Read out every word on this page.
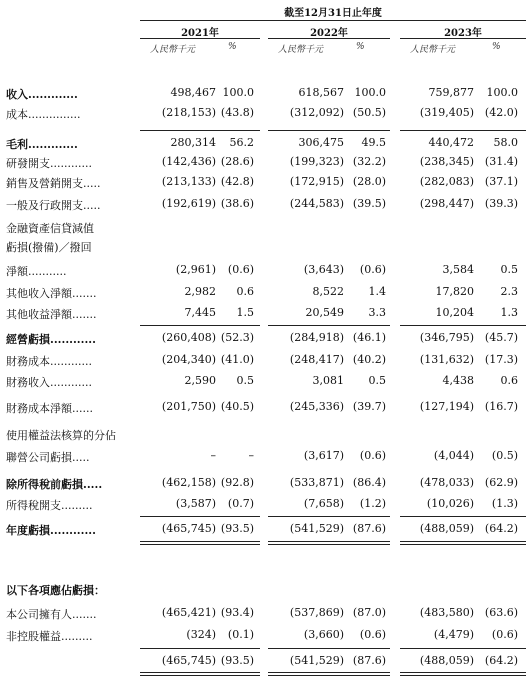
截至12月31日止年度
2021年	2022年	2023年
人民幣千元	%	人民幣千元	%	人民幣千元	%
收入.............	498,467 100.0	618,567 100.0	759,877	100.0
成本...............	(218,153) (43.8)	(312,092) (50.5)	(319,405) (42.0)
毛利.............	280,314	56.2	306,475	49.5	440,472	58.0
研發開支............	(142,436) (28.6)	(199,323) (32.2)	(238,345) (31.4)
銷售及營銷開支.....	(213,133) (42.8)	(172,915) (28.0)	(282,083) (37.1)
一般及行政開支.....	(192,619) (38.6)	(244,583) (39.5)	(298,447) (39.3)
金融資產信貸減值
虧損(撥備)／撥回
淨額...........	(2,961)	(0.6)	(3,643)	(0.6)	3,584	0.5
其他收入淨額.......	2,982	0.6	8,522	1.4	17,820	2.3
其他收益淨額.......	7,445	1.5	20,549	3.3	10,204	1.3
經營虧損............	(260,408) (52.3)	(284,918) (46.1)	(346,795) (45.7)
財務成本............	(204,340) (41.0)	(248,417) (40.2)	(131,632) (17.3)
財務收入............	2,590	0.5	3,081	0.5	4,438	0.6
財務成本淨額......	(201,750) (40.5)	(245,336) (39.7)	(127,194) (16.7)
使用權益法核算的分佔
聯營公司虧損.....	–	–	(3,617)	(0.6)	(4,044)	(0.5)
除所得稅前虧損.....	(462,158) (92.8)	(533,871) (86.4)	(478,033) (62.9)
所得稅開支.........	(3,587)	(0.7)	(7,658)	(1.2)	(10,026)	(1.3)
年度虧損............	(465,745) (93.5)	(541,529) (87.6)	(488,059) (64.2)
以下各項應佔虧損：
本公司擁有人.......	(465,421) (93.4)	(537,869) (87.0)	(483,580) (63.6)
非控股權益.........	(324)	(0.1)	(3,660)	(0.6)	(4,479)	(0.6)
(465,745) (93.5)	(541,529) (87.6)	(488,059) (64.2)
